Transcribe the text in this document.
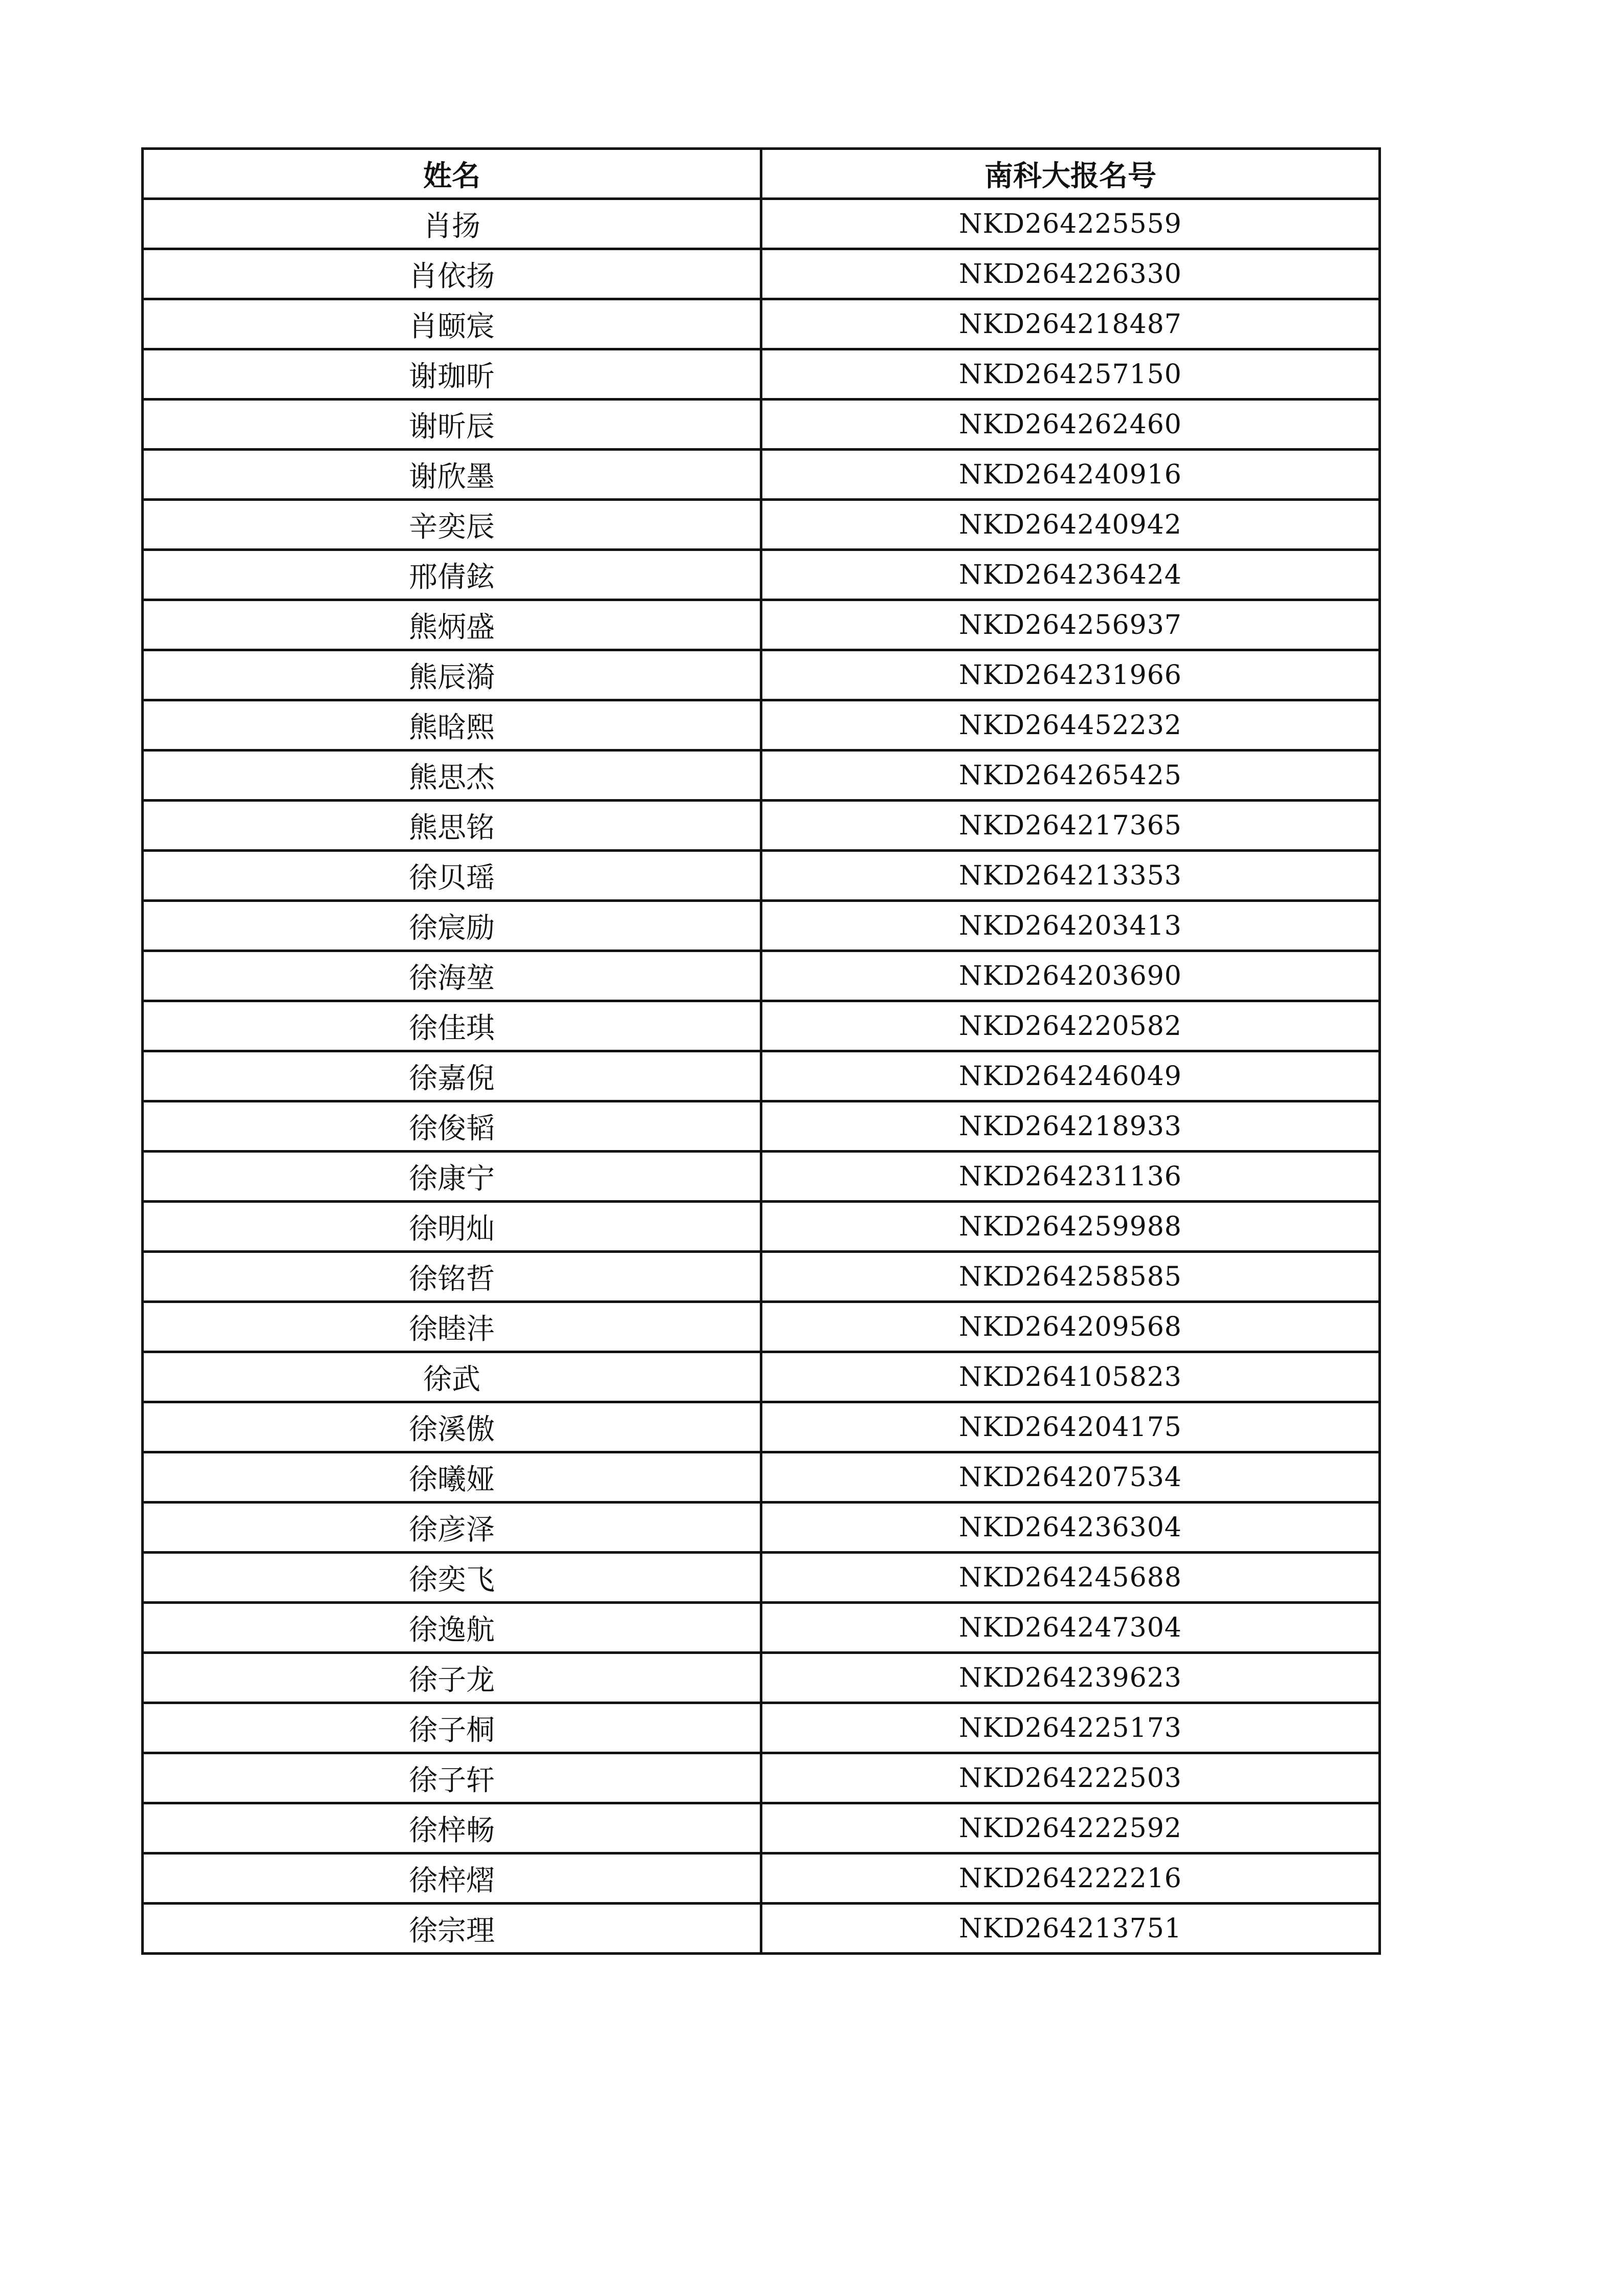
姓名	南科大报名号
肖扬	NKD264225559
肖依扬	NKD264226330
肖颐宸	NKD264218487
谢珈昕	NKD264257150
谢昕辰	NKD264262460
谢欣墨	NKD264240916
辛奕辰	NKD264240942
邢倩鉉	NKD264236424
熊炳盛	NKD264256937
熊辰漪	NKD264231966
熊晗熙	NKD264452232
熊思杰	NKD264265425
熊思铭	NKD264217365
徐贝瑶	NKD264213353
徐宸励	NKD264203413
徐海堃	NKD264203690
徐佳琪	NKD264220582
徐嘉倪	NKD264246049
徐俊韬	NKD264218933
徐康宁	NKD264231136
徐明灿	NKD264259988
徐铭哲	NKD264258585
徐睦沣	NKD264209568
徐武	NKD264105823
徐溪傲	NKD264204175
徐曦娅	NKD264207534
徐彦泽	NKD264236304
徐奕飞	NKD264245688
徐逸航	NKD264247304
徐子龙	NKD264239623
徐子桐	NKD264225173
徐子轩	NKD264222503
徐梓畅	NKD264222592
徐梓熠	NKD264222216
徐宗理	NKD264213751
